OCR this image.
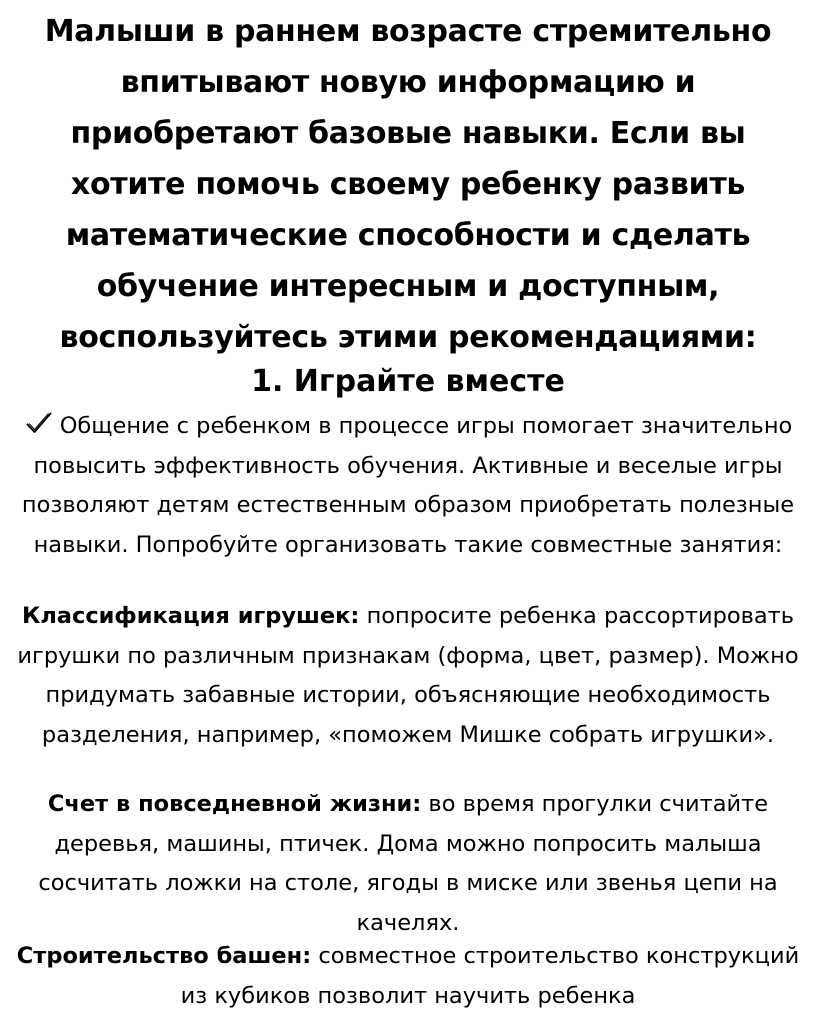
Малыши в раннем возрасте стремительно впитывают новую информацию и приобретают базовые навыки. Если вы хотите помочь своему ребенку развить математические способности и сделать обучение интересным и доступным, воспользуйтесь этими рекомендациями:

1. Играйте вместе

Общение с ребенком в процессе игры помогает значительно повысить эффективность обучения. Активные и веселые игры позволяют детям естественным образом приобретать полезные навыки. Попробуйте организовать такие совместные занятия:

Классификация игрушек: попросите ребенка рассортировать игрушки по различным признакам (форма, цвет, размер). Можно придумать забавные истории, объясняющие необходимость разделения, например, «поможем Мишке собрать игрушки».

Счет в повседневной жизни: во время прогулки считайте деревья, машины, птичек. Дома можно попросить малыша сосчитать ложки на столе, ягоды в миске или звенья цепи на качелях.

Строительство башен: совместное строительство конструкций из кубиков позволит научить ребенка
